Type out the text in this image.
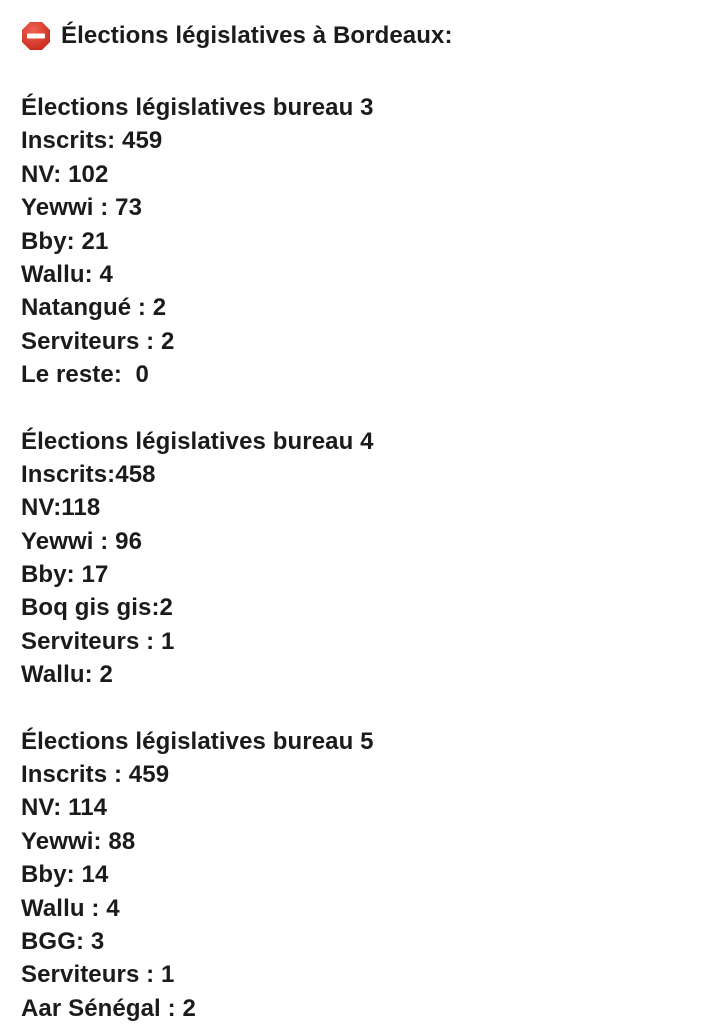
Élections législatives à Bordeaux:
Élections législatives bureau 3
Inscrits: 459
NV: 102
Yewwi : 73
Bby: 21
Wallu: 4
Natangué : 2
Serviteurs : 2
Le reste:  0
Élections législatives bureau 4
Inscrits:458
NV:118
Yewwi : 96
Bby: 17
Boq gis gis:2
Serviteurs : 1
Wallu: 2
Élections législatives bureau 5
Inscrits : 459
NV: 114
Yewwi: 88
Bby: 14
Wallu : 4
BGG: 3
Serviteurs : 1
Aar Sénégal : 2
